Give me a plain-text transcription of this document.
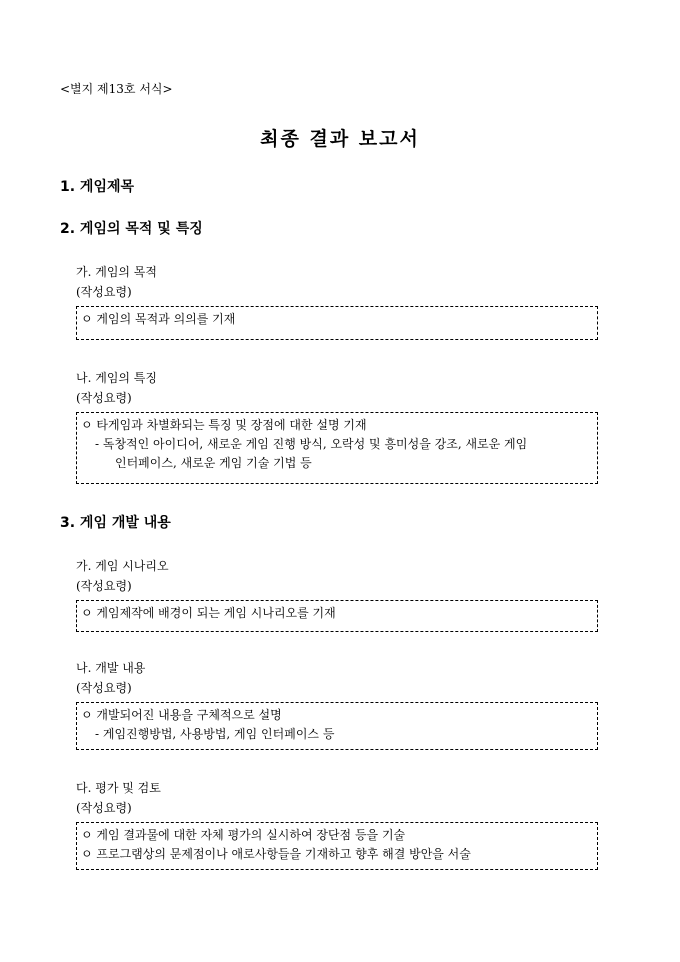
<별지 제13호 서식>
최종 결과 보고서
1. 게임제목
2. 게임의 목적 및 특징
가. 게임의 목적
(작성요령)
ㅇ 게임의 목적과 의의를 기재
나. 게임의 특징
(작성요령)
ㅇ 타게임과 차별화되는 특징 및 장점에 대한 설명 기재
- 독창적인 아이디어, 새로운 게임 진행 방식, 오락성 및 흥미성을 강조, 새로운 게임
인터페이스, 새로운 게임 기술 기법 등
3. 게임 개발 내용
가. 게임 시나리오
(작성요령)
ㅇ 게임제작에 배경이 되는 게임 시나리오를 기재
나. 개발 내용
(작성요령)
ㅇ 개발되어진 내용을 구체적으로 설명
- 게임진행방법, 사용방법, 게임 인터페이스 등
다. 평가 및 검토
(작성요령)
ㅇ 게임 결과물에 대한 자체 평가의 실시하여 장단점 등을 기술
ㅇ 프로그램상의 문제점이나 애로사항들을 기재하고 향후 해결 방안을 서술
